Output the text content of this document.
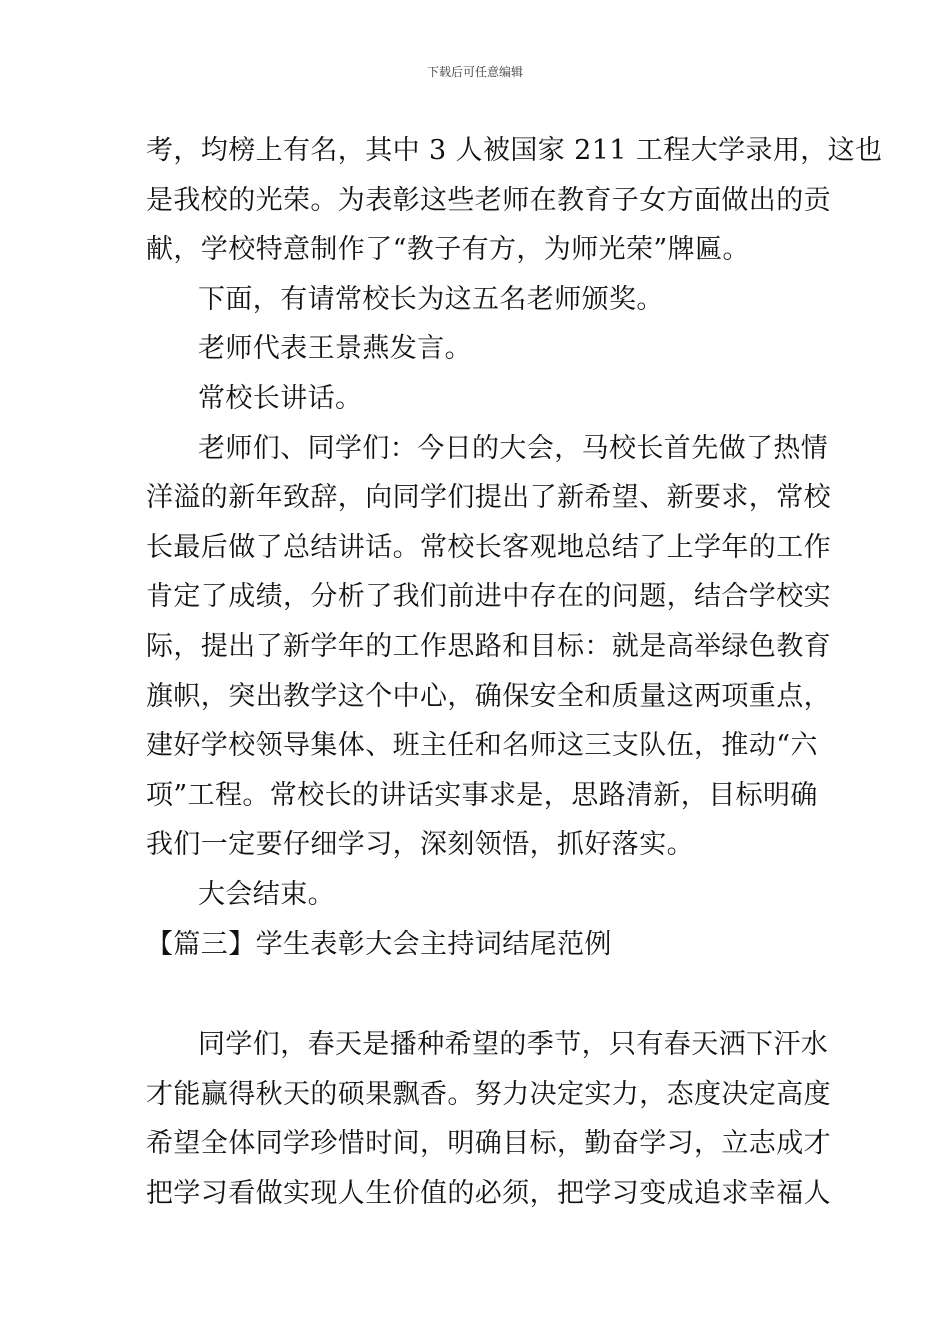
下载后可任意编辑
考，均榜上有名，其中 3 人被国家 211 工程大学录用，这也
是我校的光荣。为表彰这些老师在教育子女方面做出的贡
献，学校特意制作了“教子有方，为师光荣”牌匾。
下面，有请常校长为这五名老师颁奖。
老师代表王景燕发言。
常校长讲话。
老师们、同学们：今日的大会，马校长首先做了热情
洋溢的新年致辞，向同学们提出了新希望、新要求，常校
长最后做了总结讲话。常校长客观地总结了上学年的工作
肯定了成绩，分析了我们前进中存在的问题，结合学校实
际，提出了新学年的工作思路和目标：就是高举绿色教育
旗帜，突出教学这个中心，确保安全和质量这两项重点，
建好学校领导集体、班主任和名师这三支队伍，推动“六
项”工程。常校长的讲话实事求是，思路清新，目标明确
我们一定要仔细学习，深刻领悟，抓好落实。
大会结束。
【篇三】学生表彰大会主持词结尾范例
同学们，春天是播种希望的季节，只有春天洒下汗水
才能赢得秋天的硕果飘香。努力决定实力，态度决定高度
希望全体同学珍惜时间，明确目标，勤奋学习，立志成才
把学习看做实现人生价值的必须，把学习变成追求幸福人
